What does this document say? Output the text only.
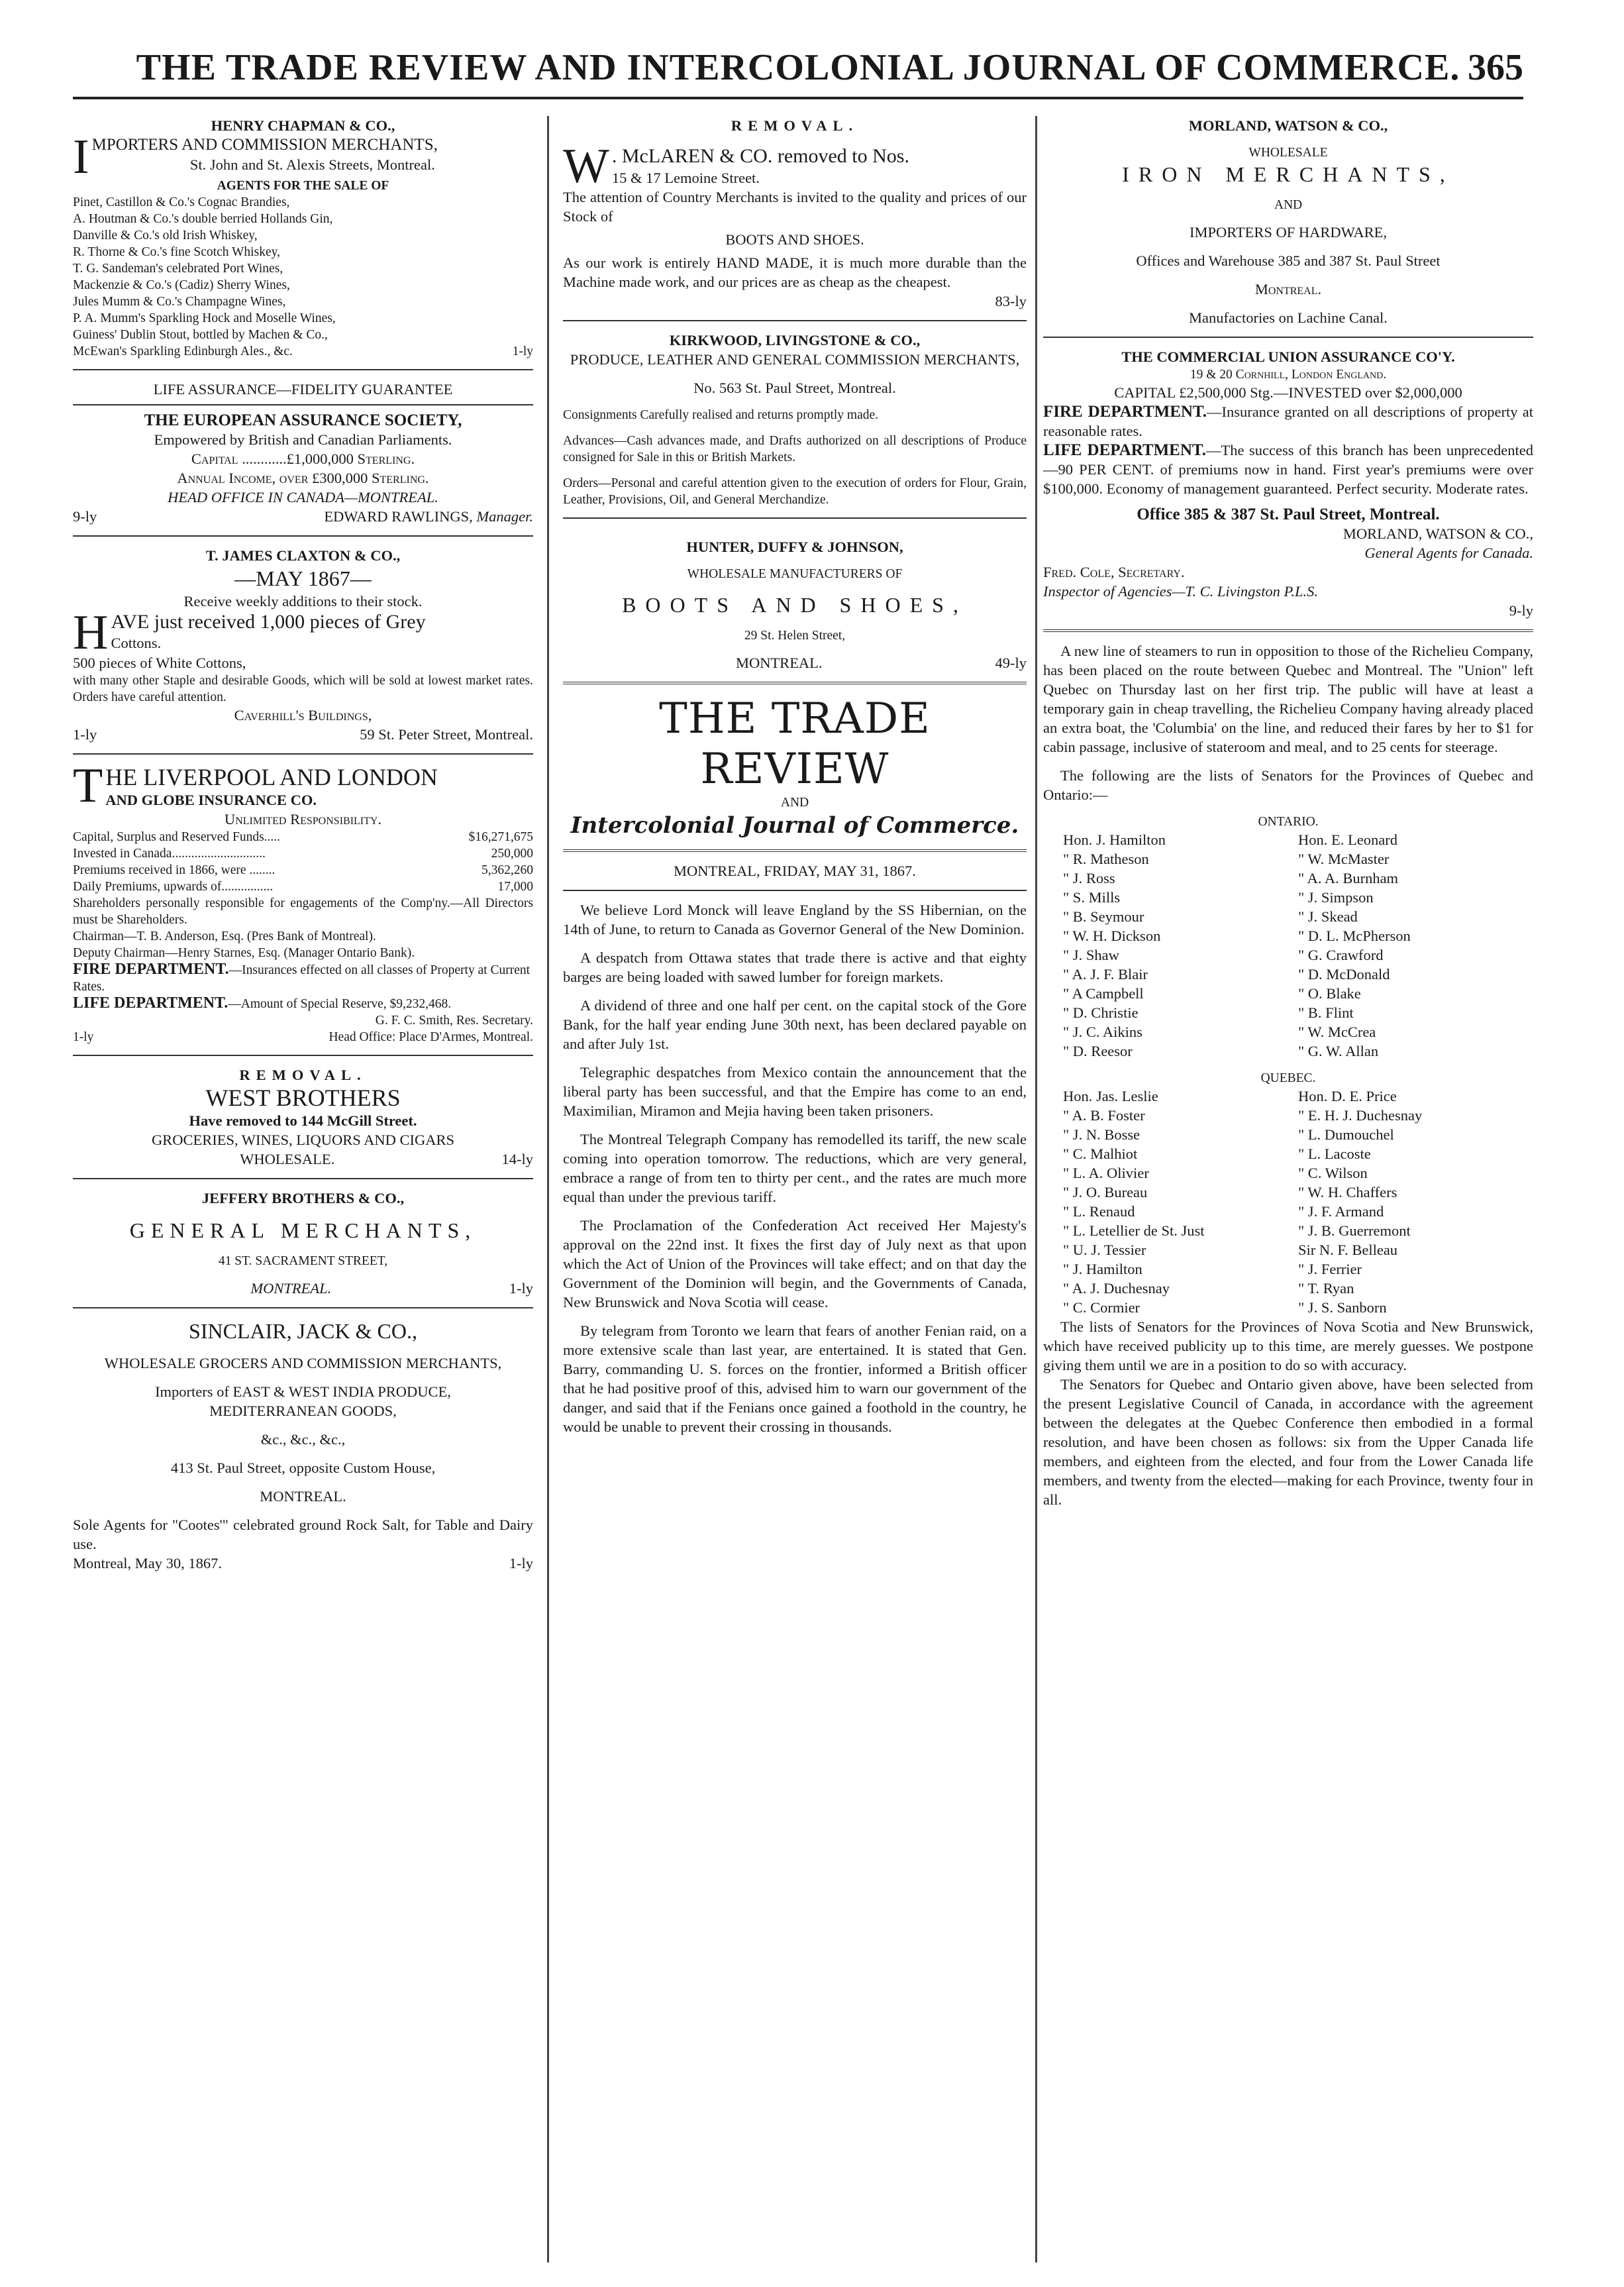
THE TRADE REVIEW AND INTERCOLONIAL JOURNAL OF COMMERCE. 365

HENRY CHAPMAN & CO.,

IMPORTERS AND COMMISSION MERCHANTS,

St. John and St. Alexis Streets, Montreal.

AGENTS FOR THE SALE OF

Pinet, Castillon & Co.'s Cognac Brandies,

A. Houtman & Co.'s double berried Hollands Gin,

Danville & Co.'s old Irish Whiskey,

R. Thorne & Co.'s fine Scotch Whiskey,

T. G. Sandeman's celebrated Port Wines,

Mackenzie & Co.'s (Cadiz) Sherry Wines,

Jules Mumm & Co.'s Champagne Wines,

P. A. Mumm's Sparkling Hock and Moselle Wines,

Guiness' Dublin Stout, bottled by Machen & Co.,

McEwan's Sparkling Edinburgh Ales., &c.	1-ly

LIFE ASSURANCE—FIDELITY GUARANTEE

THE EUROPEAN ASSURANCE SOCIETY,

Empowered by British and Canadian Parliaments.

Capital ............£1,000,000 Sterling.

Annual Income, over £300,000 Sterling.

HEAD OFFICE IN CANADA—MONTREAL.

9-ly	EDWARD RAWLINGS, Manager.

T. JAMES CLAXTON & CO.,

—MAY 1867—

Receive weekly additions to their stock.

HAVE just received 1,000 pieces of Grey

Cottons.

500 pieces of White Cottons,

with many other Staple and desirable Goods, which will be sold at lowest market rates. Orders have careful attention.

Caverhill's Buildings,

1-ly	59 St. Peter Street, Montreal.

THE LIVERPOOL AND LONDON

AND GLOBE INSURANCE CO.

Unlimited Responsibility.

Capital, Surplus and Reserved Funds.....	$16,271,675
Invested in Canada.............................	250,000
Premiums received in 1866, were ........	5,362,260
Daily Premiums, upwards of................	17,000

Shareholders personally responsible for engagements of the Comp'ny.—All Directors must be Shareholders.

Chairman—T. B. Anderson, Esq. (Pres Bank of Montreal).

Deputy Chairman—Henry Starnes, Esq. (Manager Ontario Bank).

FIRE DEPARTMENT.—Insurances effected on all classes of Property at Current Rates.

LIFE DEPARTMENT.—Amount of Special Reserve, $9,232,468.

G. F. C. Smith, Res. Secretary.

1-ly	Head Office: Place D'Armes, Montreal.

REMOVAL.

WEST BROTHERS

Have removed to 144 McGill Street.

GROCERIES, WINES, LIQUORS AND CIGARS

WHOLESALE.	14-ly

JEFFERY BROTHERS & CO.,

GENERAL MERCHANTS,

41 ST. SACRAMENT STREET,

MONTREAL.	1-ly

SINCLAIR, JACK & CO.,

WHOLESALE GROCERS AND COMMISSION MERCHANTS,

Importers of EAST & WEST INDIA PRODUCE,

MEDITERRANEAN GOODS,

&c., &c., &c.,

413 St. Paul Street, opposite Custom House,

MONTREAL.

Sole Agents for "Cootes'" celebrated ground Rock Salt, for Table and Dairy use.

Montreal, May 30, 1867.	1-ly

REMOVAL.

W . McLAREN & CO. removed to Nos.

15 & 17 Lemoine Street.

The attention of Country Merchants is invited to the quality and prices of our Stock of

BOOTS AND SHOES.

As our work is entirely HAND MADE, it is much more durable than the Machine made work, and our prices are as cheap as the cheapest.

83-ly

KIRKWOOD, LIVINGSTONE & CO.,

PRODUCE, LEATHER AND GENERAL COMMISSION MERCHANTS,

No. 563 St. Paul Street, Montreal.

Consignments Carefully realised and returns promptly made.

Advances—Cash advances made, and Drafts authorized on all descriptions of Produce consigned for Sale in this or British Markets.

Orders—Personal and careful attention given to the execution of orders for Flour, Grain, Leather, Provisions, Oil, and General Merchandize.

HUNTER, DUFFY & JOHNSON,

WHOLESALE MANUFACTURERS OF

BOOTS AND SHOES,

29 St. Helen Street,

MONTREAL.	49-ly

THE TRADE REVIEW

AND

Intercolonial Journal of Commerce.

MONTREAL, FRIDAY, MAY 31, 1867.

We believe Lord Monck will leave England by the SS Hibernian, on the 14th of June, to return to Canada as Governor General of the New Dominion.

A despatch from Ottawa states that trade there is active and that eighty barges are being loaded with sawed lumber for foreign markets.

A dividend of three and one half per cent. on the capital stock of the Gore Bank, for the half year ending June 30th next, has been declared payable on and after July 1st.

Telegraphic despatches from Mexico contain the announcement that the liberal party has been successful, and that the Empire has come to an end, Maximilian, Miramon and Mejia having been taken prisoners.

The Montreal Telegraph Company has remodelled its tariff, the new scale coming into operation tomorrow. The reductions, which are very general, embrace a range of from ten to thirty per cent., and the rates are much more equal than under the previous tariff.

The Proclamation of the Confederation Act received Her Majesty's approval on the 22nd inst. It fixes the first day of July next as that upon which the Act of Union of the Provinces will take effect; and on that day the Government of the Dominion will begin, and the Governments of Canada, New Brunswick and Nova Scotia will cease.

By telegram from Toronto we learn that fears of another Fenian raid, on a more extensive scale than last year, are entertained. It is stated that Gen. Barry, commanding U. S. forces on the frontier, informed a British officer that he had positive proof of this, advised him to warn our government of the danger, and said that if the Fenians once gained a foothold in the country, he would be unable to prevent their crossing in thousands.

MORLAND, WATSON & CO.,

WHOLESALE

IRON MERCHANTS,

AND

IMPORTERS OF HARDWARE,

Offices and Warehouse 385 and 387 St. Paul Street

Montreal.

Manufactories on Lachine Canal.

THE COMMERCIAL UNION ASSURANCE CO'Y.

19 & 20 Cornhill, London England.

CAPITAL £2,500,000 Stg.—INVESTED over $2,000,000

FIRE DEPARTMENT.—Insurance granted on all descriptions of property at reasonable rates.

LIFE DEPARTMENT.—The success of this branch has been unprecedented—90 PER CENT. of premiums now in hand. First year's premiums were over $100,000. Economy of management guaranteed. Perfect security. Moderate rates.

Office 385 & 387 St. Paul Street, Montreal.

MORLAND, WATSON & CO.,

General Agents for Canada.

Fred. Cole, Secretary.

Inspector of Agencies—T. C. Livingston P.L.S.

9-ly

A new line of steamers to run in opposition to those of the Richelieu Company, has been placed on the route between Quebec and Montreal. The "Union" left Quebec on Thursday last on her first trip. The public will have at least a temporary gain in cheap travelling, the Richelieu Company having already placed an extra boat, the 'Columbia' on the line, and reduced their fares by her to $1 for cabin passage, inclusive of stateroom and meal, and to 25 cents for steerage.

The following are the lists of Senators for the Provinces of Quebec and Ontario:—

ONTARIO.

Hon. J. Hamilton	Hon. E. Leonard
" R. Matheson	" W. McMaster
" J. Ross	" A. A. Burnham
" S. Mills	" J. Simpson
" B. Seymour	" J. Skead
" W. H. Dickson	" D. L. McPherson
" J. Shaw	" G. Crawford
" A. J. F. Blair	" D. McDonald
" A Campbell	" O. Blake
" D. Christie	" B. Flint
" J. C. Aikins	" W. McCrea
" D. Reesor	" G. W. Allan

QUEBEC.

Hon. Jas. Leslie	Hon. D. E. Price
" A. B. Foster	" E. H. J. Duchesnay
" J. N. Bosse	" L. Dumouchel
" C. Malhiot	" L. Lacoste
" L. A. Olivier	" C. Wilson
" J. O. Bureau	" W. H. Chaffers
" L. Renaud	" J. F. Armand
" L. Letellier de St. Just	" J. B. Guerremont
" U. J. Tessier	Sir N. F. Belleau
" J. Hamilton	" J. Ferrier
" A. J. Duchesnay	" T. Ryan
" C. Cormier	" J. S. Sanborn

The lists of Senators for the Provinces of Nova Scotia and New Brunswick, which have received publicity up to this time, are merely guesses. We postpone giving them until we are in a position to do so with accuracy.

The Senators for Quebec and Ontario given above, have been selected from the present Legislative Council of Canada, in accordance with the agreement between the delegates at the Quebec Conference then embodied in a formal resolution, and have been chosen as follows: six from the Upper Canada life members, and eighteen from the elected, and four from the Lower Canada life members, and twenty from the elected—making for each Province, twenty four in all.
